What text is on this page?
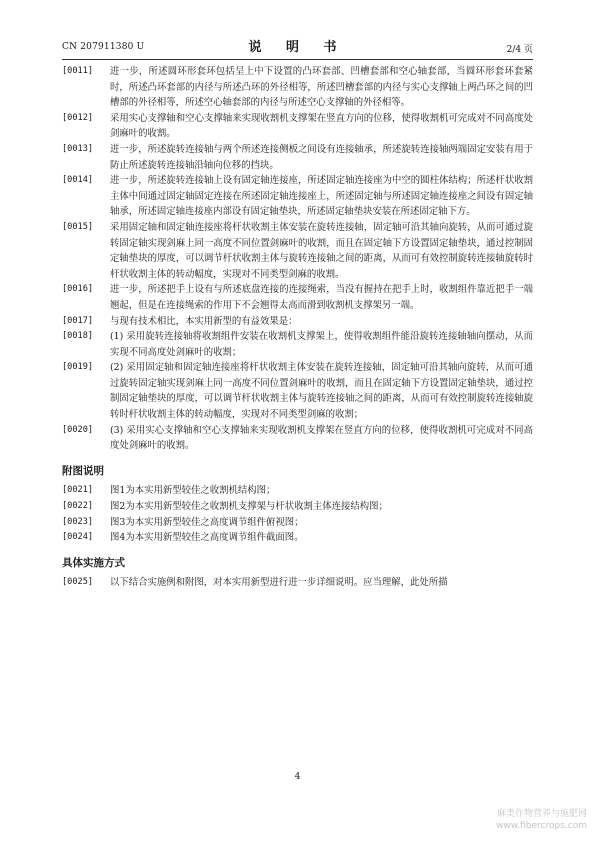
CN 207911380 U	说 明 书	2/4 页
[0011]	进一步，所述圆环形套环包括呈上中下设置的凸环套部、凹槽套部和空心轴套部，当圆环形套环套紧时，所述凸环套部的内径与所述凸环的外径相等，所述凹槽套部的内径与实心支撑轴上两凸环之间的凹槽部的外径相等，所述空心轴套部的内径与所述空心支撑轴的外径相等。
[0012]	采用实心支撑轴和空心支撑轴来实现收割机支撑架在竖直方向的位移，使得收割机可完成对不同高度处剑麻叶的收割。
[0013]	进一步，所述旋转连接轴与两个所述连接侧板之间设有连接轴承，所述旋转连接轴两端固定安装有用于防止所述旋转连接轴沿轴向位移的挡块。
[0014]	进一步，所述旋转连接轴上设有固定轴连接座，所述固定轴连接座为中空的圆柱体结构；所述杆状收割主体中间通过固定轴固定连接在所述固定轴连接座上，所述固定轴与所述固定轴连接座之间设有固定轴轴承，所述固定轴连接座内部设有固定轴垫块，所述固定轴垫块安装在所述固定轴下方。
[0015]	采用固定轴和固定轴连接座将杆状收割主体安装在旋转连接轴，固定轴可沿其轴向旋转，从而可通过旋转固定轴实现剑麻上同一高度不同位置剑麻叶的收割，而且在固定轴下方设置固定轴垫块，通过控制固定轴垫块的厚度，可以调节杆状收割主体与旋转连接轴之间的距离，从而可有效控制旋转连接轴旋转时杆状收割主体的转动幅度，实现对不同类型剑麻的收割。
[0016]	进一步，所述把手上设有与所述底盘连接的连接绳索，当没有握持在把手上时，收割组件靠近把手一端翘起，但是在连接绳索的作用下不会翘得太高而滑到收割机支撑架另一端。
[0017]	与现有技术相比，本实用新型的有益效果是：
[0018]	(1) 采用旋转连接轴将收割组件安装在收割机支撑架上，使得收割组件能沿旋转连接轴轴向摆动，从而实现不同高度处剑麻叶的收割；
[0019]	(2) 采用固定轴和固定轴连接座将杆状收割主体安装在旋转连接轴，固定轴可沿其轴向旋转，从而可通过旋转固定轴实现剑麻上同一高度不同位置剑麻叶的收割，而且在固定轴下方设置固定轴垫块，通过控制固定轴垫块的厚度，可以调节杆状收割主体与旋转连接轴之间的距离，从而可有效控制旋转连接轴旋转时杆状收割主体的转动幅度，实现对不同类型剑麻的收割；
[0020]	(3) 采用实心支撑轴和空心支撑轴来实现收割机支撑架在竖直方向的位移，使得收割机可完成对不同高度处剑麻叶的收割。
附图说明
[0021]	图1为本实用新型较佳之收割机结构图；
[0022]	图2为本实用新型较佳之收割机支撑架与杆状收割主体连接结构图；
[0023]	图3为本实用新型较佳之高度调节组件俯视图；
[0024]	图4为本实用新型较佳之高度调节组件截面图。
具体实施方式
[0025]	以下结合实施例和附图，对本实用新型进行进一步详细说明。应当理解，此处所描
4
麻类作物营养与施肥网
www.fibercrops.com
